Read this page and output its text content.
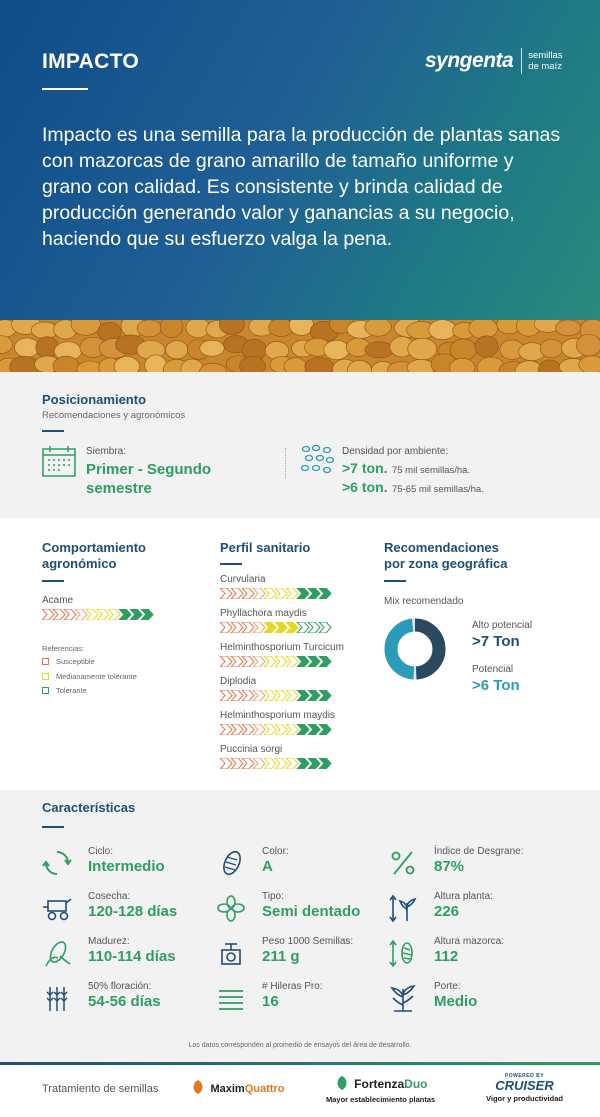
IMPACTO	syngenta semillas
de maíz
Impacto es una semilla para la producción de plantas sanas con mazorcas de grano amarillo de tamaño uniforme y grano con calidad. Es consistente y brinda calidad de producción generando valor y ganancias a su negocio, haciendo que su esfuerzo valga la pena.
Posicionamiento
Recomendaciones y agronómicos
Siembra:
Primer - Segundo
semestre
Densidad por ambiente:
>7 ton. 75 mil semillas/ha.
>6 ton. 75-65 mil semillas/ha.
Comportamiento
agronómico
Acame
Referencias:
Susceptible
Medianamente tolerante
Tolerante
Perfil sanitario
Curvularia
Phyllachora maydis
Helminthosporium Turcicum
Diplodia
Helminthosporium maydis
Puccinia sorgi
Recomendaciones
por zona geográfica
Mix recomendado
Alto potencial
>7 Ton
Potencial
>6 Ton
Características
Ciclo:
Intermedio
Cosecha:
120-128 días
Madurez:
110-114 días
50% floración:
54-56 días
Color:
A
Tipo:
Semi dentado
Peso 1000 Semillas:
211 g
# Hileras Pro:
16
Índice de Desgrane:
87%
Altura planta:
226
Altura mazorca:
112
Porte:
Medio
Los datos corresponden al promedio de ensayos del área de desarrollo.
Tratamiento de semillas	MaximQuattro	FortenzaDuo
Mayor establecimiento plantas
POWERED BY
CRUISER
Vigor y productividad
